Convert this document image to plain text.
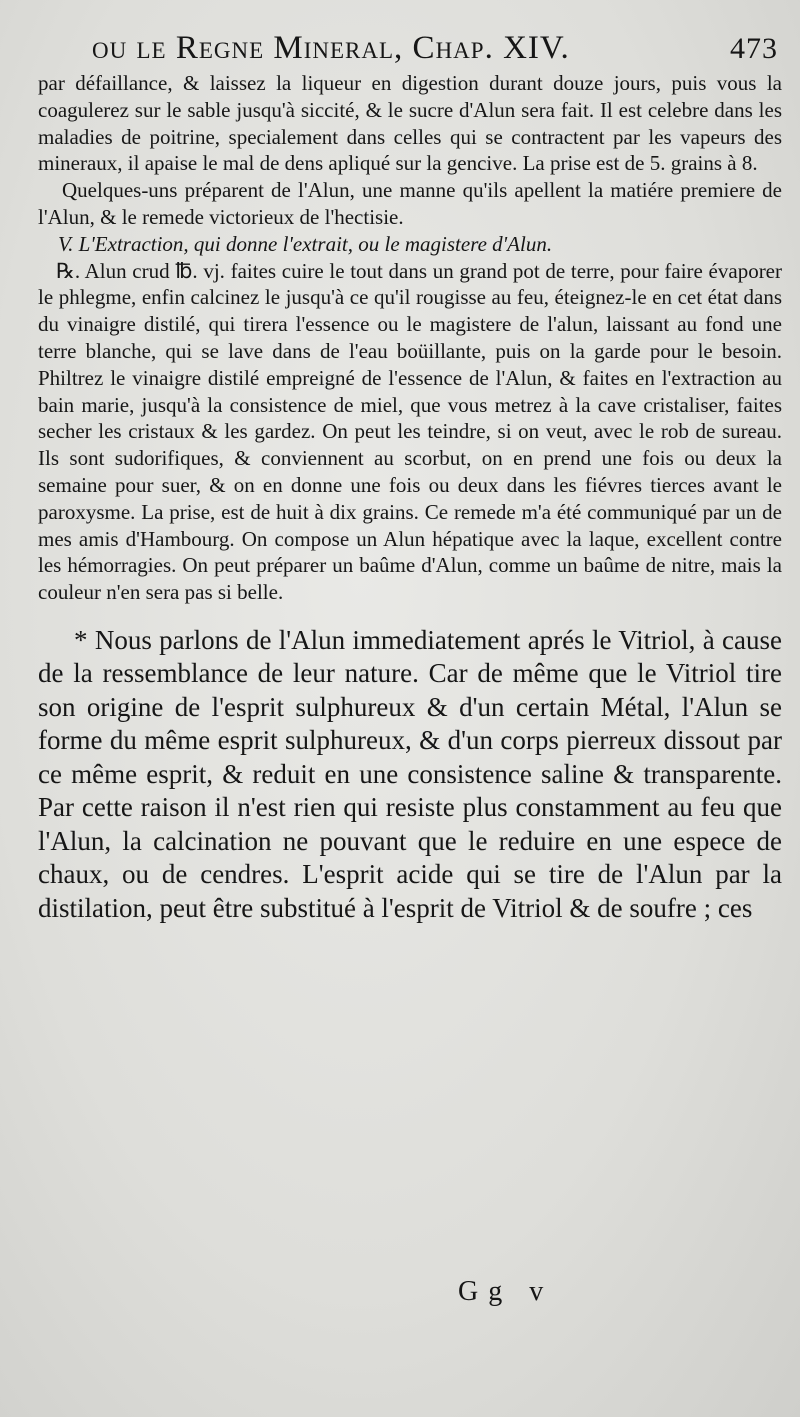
ou le Regne Mineral, Chap. XIV.	473

par défaillance, & laissez la liqueur en digestion durant douze jours, puis vous la coagulerez sur le sable jusqu'à siccité, & le sucre d'Alun sera fait. Il est celebre dans les maladies de poitrine, specialement dans celles qui se contractent par les vapeurs des mineraux, il apaise le mal de dens apliqué sur la gencive. La prise est de 5. grains à 8.

Quelques-uns préparent de l'Alun, une manne qu'ils apellent la matiére premiere de l'Alun, & le remede victorieux de l'hectisie.

V. L'Extraction, qui donne l'extrait, ou le magistere d'Alun.

℞. Alun crud ℔. vj. faites cuire le tout dans un grand pot de terre, pour faire évaporer le phlegme, enfin calcinez le jusqu'à ce qu'il rougisse au feu, éteignez-le en cet état dans du vinaigre distilé, qui tirera l'essence ou le magistere de l'alun, laissant au fond une terre blanche, qui se lave dans de l'eau boüillante, puis on la garde pour le besoin. Philtrez le vinaigre distilé empreigné de l'essence de l'Alun, & faites en l'extraction au bain marie, jusqu'à la consistence de miel, que vous metrez à la cave cristaliser, faites secher les cristaux & les gardez. On peut les teindre, si on veut, avec le rob de sureau. Ils sont sudorifiques, & conviennent au scorbut, on en prend une fois ou deux la semaine pour suer, & on en donne une fois ou deux dans les fiévres tierces avant le paroxysme. La prise, est de huit à dix grains. Ce remede m'a été communiqué par un de mes amis d'Hambourg. On compose un Alun hépatique avec la laque, excellent contre les hémorragies. On peut préparer un baûme d'Alun, comme un baûme de nitre, mais la couleur n'en sera pas si belle.

* Nous parlons de l'Alun immediatement aprés le Vitriol, à cause de la ressemblance de leur nature. Car de même que le Vitriol tire son origine de l'esprit sulphureux & d'un certain Métal, l'Alun se forme du même esprit sulphureux, & d'un corps pierreux dissout par ce même esprit, & reduit en une consistence saline & transparente. Par cette raison il n'est rien qui resiste plus constamment au feu que l'Alun, la calcination ne pouvant que le reduire en une espece de chaux, ou de cendres. L'esprit acide qui se tire de l'Alun par la distilation, peut être substitué à l'esprit de Vitriol & de soufre ; ces

Gg v
